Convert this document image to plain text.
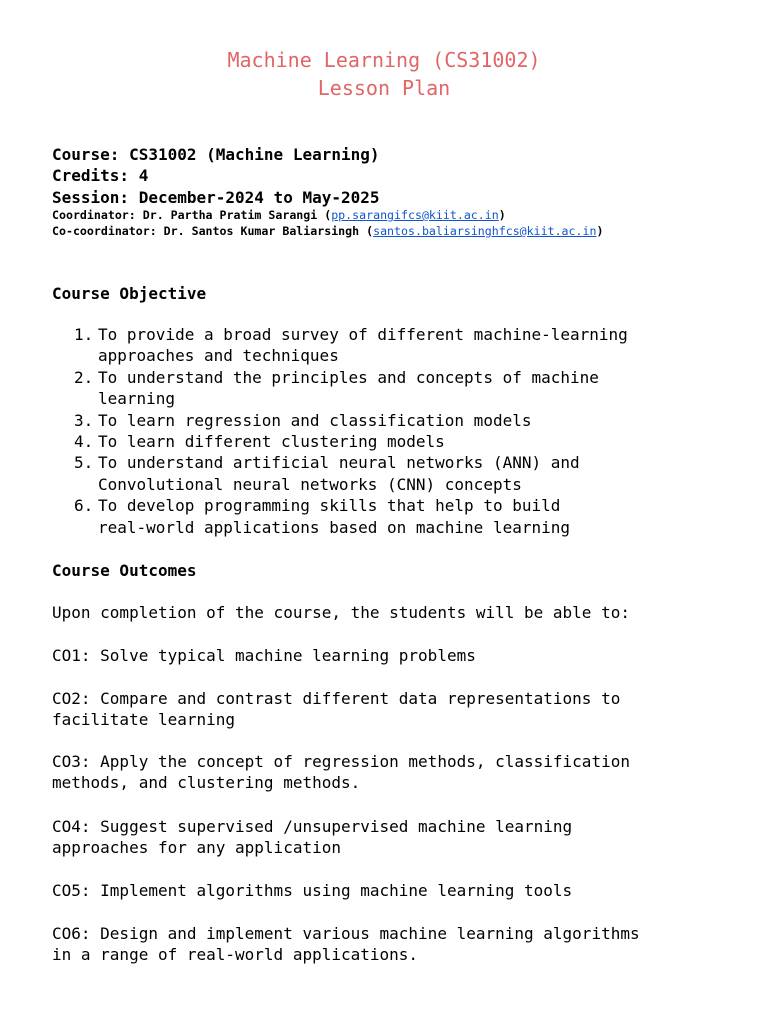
Machine Learning (CS31002)
Lesson Plan
Course: CS31002 (Machine Learning)
Credits: 4
Session: December-2024 to May-2025
Coordinator: Dr. Partha Pratim Sarangi (pp.sarangifcs@kiit.ac.in)
Co-coordinator: Dr. Santos Kumar Baliarsingh (santos.baliarsinghfcs@kiit.ac.in)
Course Objective
1. To provide a broad survey of different machine-learning
approaches and techniques
2. To understand the principles and concepts of machine
learning
3. To learn regression and classification models
4. To learn different clustering models
5. To understand artificial neural networks (ANN) and
Convolutional neural networks (CNN) concepts
6. To develop programming skills that help to build
real-world applications based on machine learning
Course Outcomes
Upon completion of the course, the students will be able to:
CO1: Solve typical machine learning problems
CO2: Compare and contrast different data representations to
facilitate learning
CO3: Apply the concept of regression methods, classification
methods, and clustering methods.
CO4: Suggest supervised /unsupervised machine learning
approaches for any application
CO5: Implement algorithms using machine learning tools
CO6: Design and implement various machine learning algorithms
in a range of real-world applications.
